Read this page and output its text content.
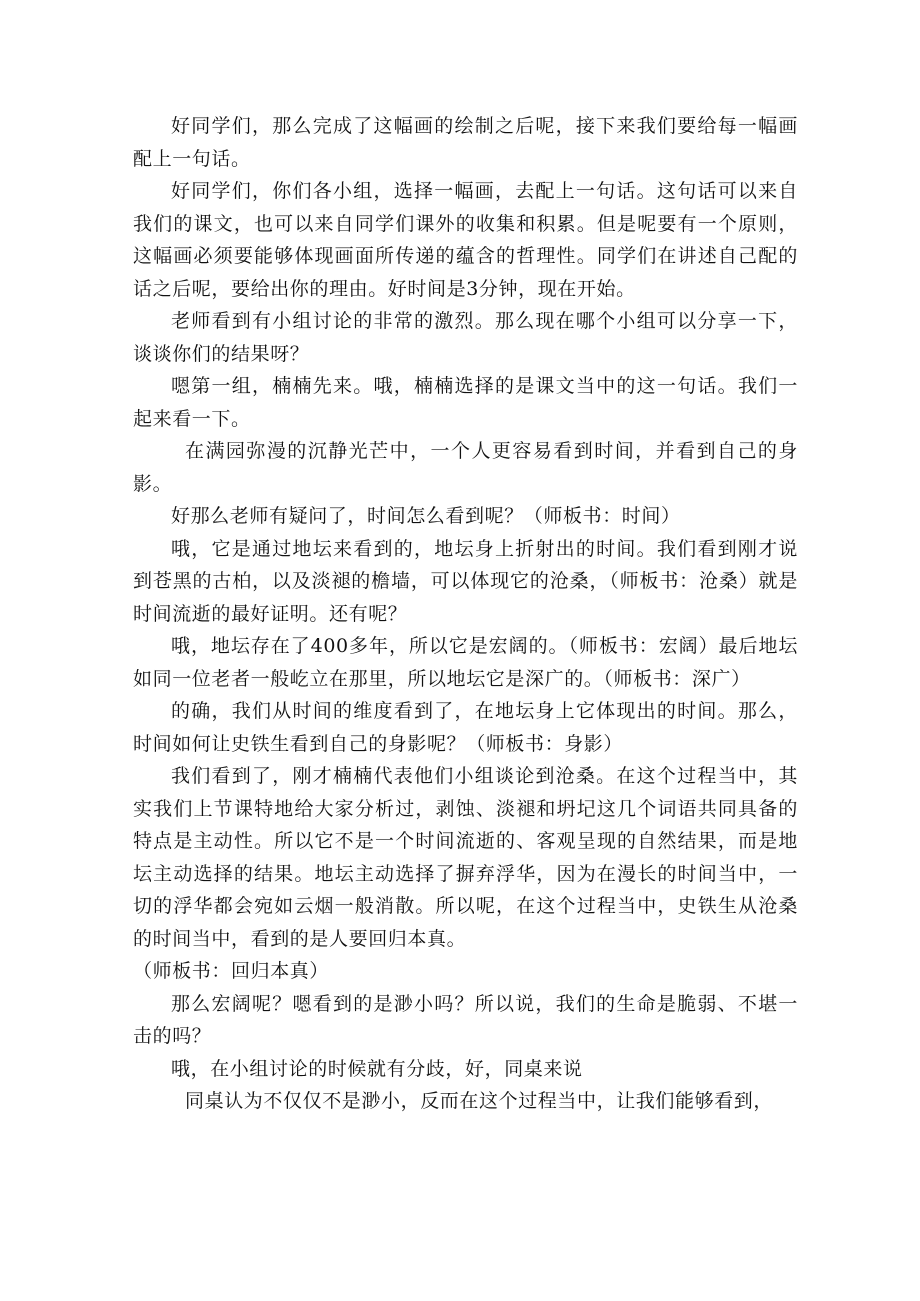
好同学们，那么完成了这幅画的绘制之后呢，接下来我们要给每一幅画配上一句话。

好同学们，你们各小组，选择一幅画，去配上一句话。这句话可以来自我们的课文，也可以来自同学们课外的收集和积累。但是呢要有一个原则，这幅画必须要能够体现画面所传递的蕴含的哲理性。同学们在讲述自己配的话之后呢，要给出你的理由。好时间是3分钟，现在开始。

老师看到有小组讨论的非常的激烈。那么现在哪个小组可以分享一下，谈谈你们的结果呀？

嗯第一组，楠楠先来。哦，楠楠选择的是课文当中的这一句话。我们一起来看一下。

在满园弥漫的沉静光芒中，一个人更容易看到时间，并看到自己的身影。

好那么老师有疑问了，时间怎么看到呢？（师板书：时间）

哦，它是通过地坛来看到的，地坛身上折射出的时间。我们看到刚才说到苍黑的古柏，以及淡褪的檐墙，可以体现它的沧桑，（师板书：沧桑）就是时间流逝的最好证明。还有呢？

哦，地坛存在了400多年，所以它是宏阔的。（师板书：宏阔）最后地坛如同一位老者一般屹立在那里，所以地坛它是深广的。（师板书：深广）

的确，我们从时间的维度看到了，在地坛身上它体现出的时间。那么，时间如何让史铁生看到自己的身影呢？（师板书：身影）

我们看到了，刚才楠楠代表他们小组谈论到沧桑。在这个过程当中，其实我们上节课特地给大家分析过，剥蚀、淡褪和坍圮这几个词语共同具备的特点是主动性。所以它不是一个时间流逝的、客观呈现的自然结果，而是地坛主动选择的结果。地坛主动选择了摒弃浮华，因为在漫长的时间当中，一切的浮华都会宛如云烟一般消散。所以呢，在这个过程当中，史铁生从沧桑的时间当中，看到的是人要回归本真。

（师板书：回归本真）

那么宏阔呢？嗯看到的是渺小吗？所以说，我们的生命是脆弱、不堪一击的吗？

哦，在小组讨论的时候就有分歧，好，同桌来说

同桌认为不仅仅不是渺小，反而在这个过程当中，让我们能够看到，
